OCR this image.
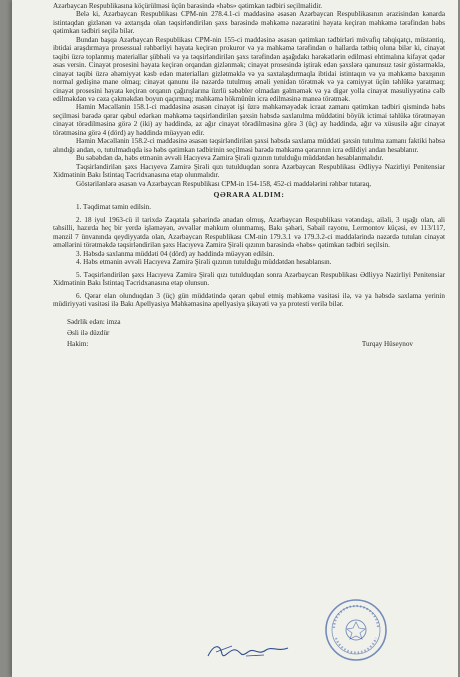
Azərbaycan Respublikasına köçürülməsi üçün barəsində «həbs» qətimkan tədbiri seçilmalidir.

Belə ki, Azərbaycan Respublikası CPM-nin 278.4.1-ci maddəsinə əsasən Azərbaycan Respublikasının ərazisindən kənarda istintaqdan gizlənən və axtarışda olan təqsirləndirilən şəxs barəsində məhkəmə nəzarətini həyata keçirən məhkəmə tərəfindən həbs qətimkan tədbiri seçilə bilər.

Bundan başqa Azərbaycan Respublikası CPM-nin 155-ci maddəsinə əsasən qətimkan tədbirləri müvafiq təhqiqatçı, müstəntiq, ibtidai araşdırmaya prosessual rəhbərliyi həyata keçirən prokuror və ya məhkəmə tərəfindən o hallarda tətbiq oluna bilər ki, cinayət təqibi üzrə toplanmış materiallar şübhəli və ya təqsirləndirilən şəxs tərəfindən aşağıdakı hərəkətlərin edilməsi ehtimalına kifayət qədər əsas versin. Cinayət prosesini həyata keçirən orqandan gizlənmək; cinayət prosesində iştirak edən şəxslərə qanunsuz təsir göstərməklə, cinayət təqibi üzrə əhəmiyyət kəsb edən materialları gizlətməklə və ya saxtalaşdırmaqla ibtidai istintaqın və ya məhkəmə baxışının normal gedişinə mane olmaq; cinayət qanunu ilə nəzərdə tutulmuş əməli yenidən törətmək və ya cəmiyyət üçün təhlükə yaratmaq; cinayət prosesini həyata keçirən orqanın çağırışlarına üzrlü səbəbler olmadan gəlməmək və ya digər yolla cinayət məsuliyyətinə cəlb edilməkdən və cəza çəkməkdən boyun qaçırmaq; məhkəmə hökmünün icra edilməsinə maneə törətmək.

Həmin Məcəllənin 158.1-ci maddəsinə əsasən cinayət işi üzrə məhkəməyədək icraat zamanı qətimkan tədbiri qismində həbs seçilməsi barədə qərar qəbul edərkən məhkəmə təqsirləndirilən şəxsin həbsdə saxlanılma müddətini böyük ictimai təhlükə törətməyən cinayət törədilməsinə görə 2 (iki) ay həddində, az ağır cinayət törədilməsinə görə 3 (üç) ay həddində, ağır və xüsusilə ağır cinayət törətməsinə görə 4 (dörd) ay həddində müəyyən edir.

Həmin Məcəllənin 158.2-ci maddəsinə əsasən təqsirləndirilən şəxsi həbsdə saxlama müddəti şəxsin tutulma zamanı faktiki həbsə alındığı andan, o, tutulmadıqda isə həbs qətimkan tədbirinin seçilməsi barədə məhkəmə qərarının icra edildiyi andan hesablanır.

Bu səbəbdən də, həbs etmənin əvvəli Hacıyeva Zamirə Şirəli qızının tutulduğu müddətdən hesablanmalıdır.

Təqsirləndirilən şəxs Hacıyeva Zamirə Şirəli qızı tutulduqdan sonra Azərbaycan Respublikası Ədliyyə Nazirliyi Penitensiar Xidmətinin Bakı İstintaq Təcridxanasına etap olunmalıdır.

Göstərilənlərə əsasən və Azərbaycan Respublikası CPM-in 154-158, 452-ci maddələrini rəhbər tutaraq,

QƏRARA ALDIM:

1. Təqdimat təmin edilsin.

2. 18 iyul 1963-cü il tarixdə Zaqatala şəhərində anadan olmuş, Azərbaycan Respublikası vətəndaşı, ailəli, 3 uşağı olan, ali təhsilli, hazırda heç bir yerdə işləməyən, əvvəllər məhkum olunmamış, Bakı şəhəri, Səbail rayonu, Lermontov küçəsi, ev 113/117, mənzil 7 ünvanında qeydiyyatda olan, Azərbaycan Respublikası CM-nin 179.3.1 və 179.3.2-ci maddələrində nəzərdə tutulan cinayət əməllərini törətməkdə təqsirləndirilən şəxs Hacıyeva Zamirə Şirəli qızının barəsində «həbs» qətimkan tədbiri seçilsin.

3. Həbsdə saxlanma müddəti 04 (dörd) ay həddində müəyyən edilsin.

4. Həbs etmənin əvvəli Hacıyeva Zamirə Şirəli qızının tutulduğu müddətdən hesablansın.

5. Təqsirləndirilən şəxs Hacıyeva Zamirə Şirəli qızı tutulduqdan sonra Azərbaycan Respublikası Ədliyyə Nazirliyi Penitensiar Xidmətinin Bakı İstintaq Təcridxanasına etap olunsun.

6. Qərar elan olunduqdan 3 (üç) gün müddətində qərarı qəbul etmiş məhkəmə vasitəsi ilə, və ya həbsdə saxlama yerinin müdiriyyəti vasitəsi ilə Bakı Apellyasiya Məhkəməsinə apellyasiya şikayəti və ya protesti verilə bilər.

Sədrlik edən: imza
Əsli ilə düzdür
Hakim:	Turqay Hüseynov
